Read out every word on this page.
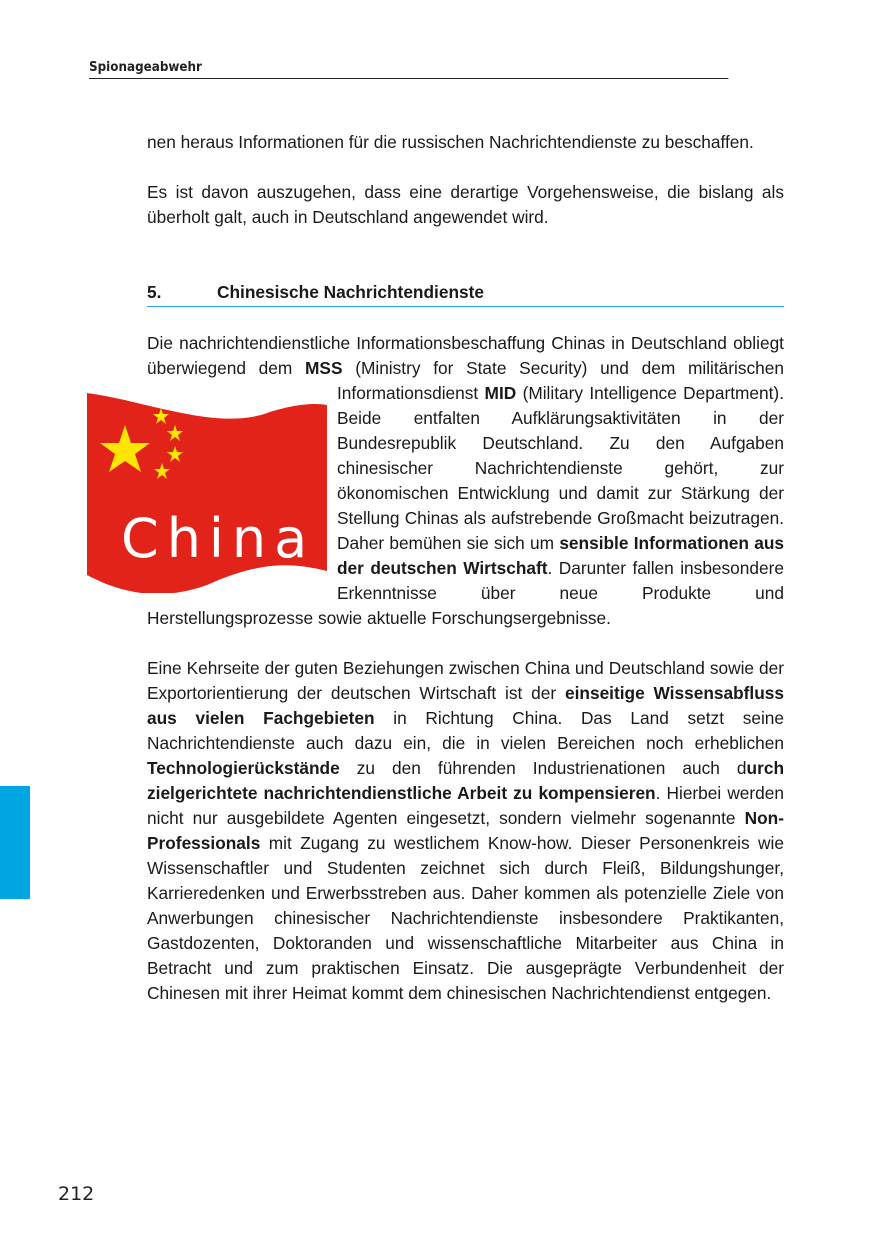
Spionageabwehr

nen heraus Informationen für die russischen Nachrichtendienste zu beschaffen.

Es ist davon auszugehen, dass eine derartige Vorgehensweise, die bislang als überholt galt, auch in Deutschland angewendet wird.

5.	Chinesische Nachrichtendienste

Die nachrichtendienstliche Informationsbeschaffung Chinas in Deutschland obliegt überwiegend dem MSS (Ministry for State Security) und dem militärischen Informationsdienst
China
MID (Military Intelligence Department). Beide entfalten Aufklärungsaktivitäten in der Bundesrepublik Deutschland. Zu den Aufgaben chinesischer Nachrichtendienste gehört, zur ökonomischen Entwicklung und damit zur Stärkung der Stellung Chinas als aufstrebende Großmacht beizutragen. Daher bemühen sie sich um sensible Informationen aus der deutschen Wirtschaft. Darunter fallen insbesondere Erkenntnisse über neue Produkte und Herstellungsprozesse sowie aktuelle Forschungsergebnisse.

Eine Kehrseite der guten Beziehungen zwischen China und Deutschland sowie der Exportorientierung der deutschen Wirtschaft ist der einseitige Wissensabfluss aus vielen Fachgebieten in Richtung China. Das Land setzt seine Nachrichtendienste auch dazu ein, die in vielen Bereichen noch erheblichen Technologierückstände zu den führenden Industrienationen auch durch zielgerichtete nachrichtendienstliche Arbeit zu kompensieren. Hierbei werden nicht nur ausgebildete Agenten eingesetzt, sondern vielmehr sogenannte Non-Professionals mit Zugang zu westlichem Know-how. Dieser Personenkreis wie Wissenschaftler und Studenten zeichnet sich durch Fleiß, Bildungshunger, Karrieredenken und Erwerbsstreben aus. Daher kommen als potenzielle Ziele von Anwerbungen chinesischer Nachrichtendienste insbesondere Praktikanten, Gastdozenten, Doktoranden und wissenschaftliche Mitarbeiter aus China in Betracht und zum praktischen Einsatz. Die ausgeprägte Verbundenheit der Chinesen mit ihrer Heimat kommt dem chinesischen Nachrichtendienst entgegen.

212
